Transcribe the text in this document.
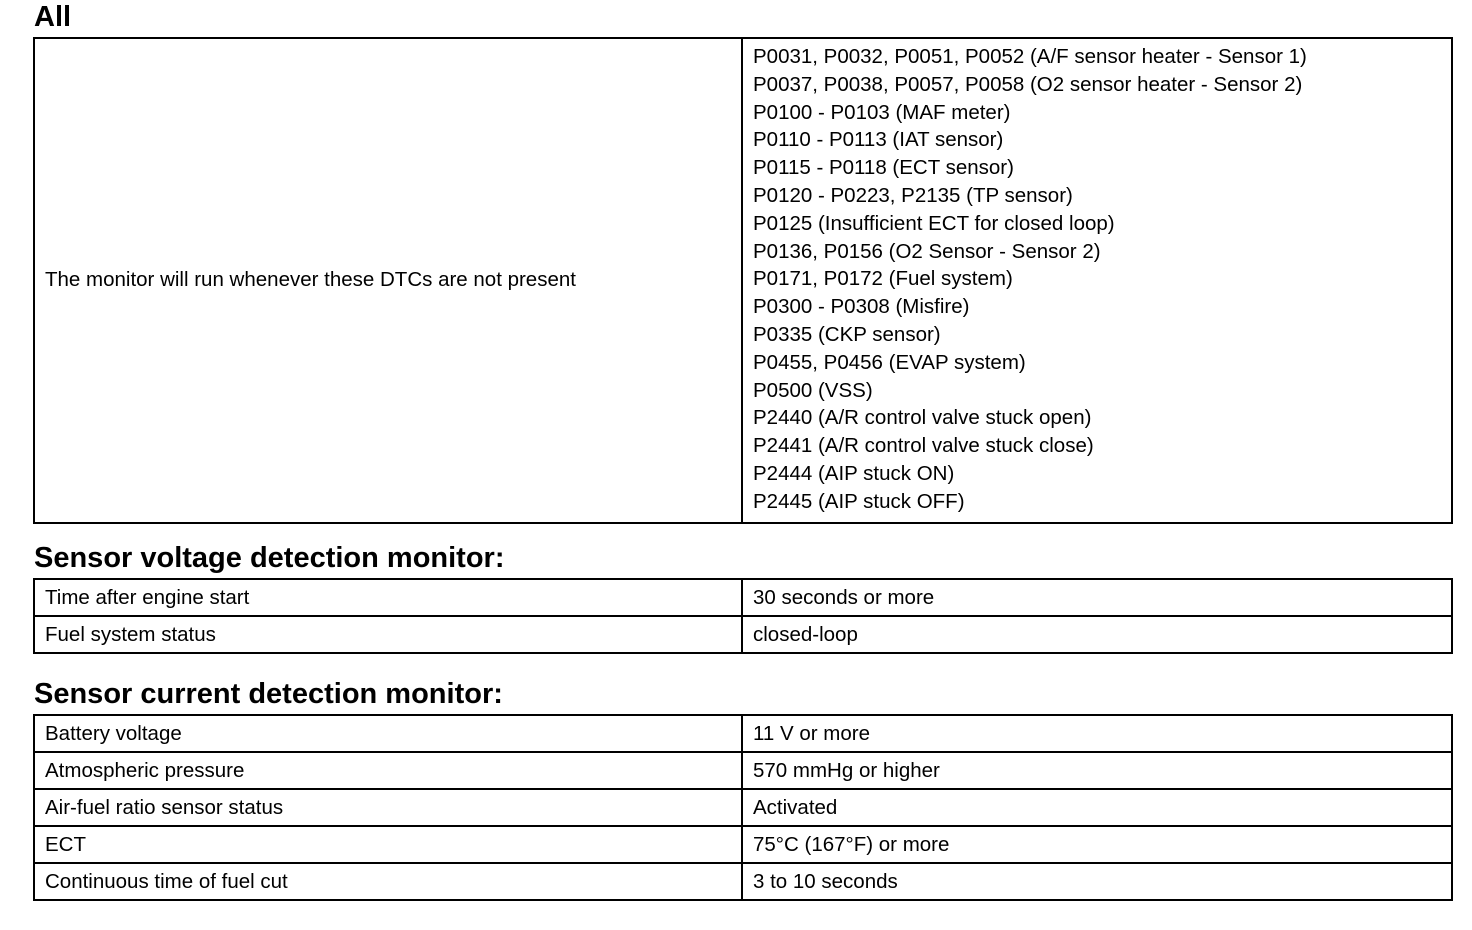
All
The monitor will run whenever these DTCs are not present	
P0031, P0032, P0051, P0052 (A/F sensor heater - Sensor 1)
P0037, P0038, P0057, P0058 (O2 sensor heater - Sensor 2)
P0100 - P0103 (MAF meter)
P0110 - P0113 (IAT sensor)
P0115 - P0118 (ECT sensor)
P0120 - P0223, P2135 (TP sensor)
P0125 (Insufficient ECT for closed loop)
P0136, P0156 (O2 Sensor - Sensor 2)
P0171, P0172 (Fuel system)
P0300 - P0308 (Misfire)
P0335 (CKP sensor)
P0455, P0456 (EVAP system)
P0500 (VSS)
P2440 (A/R control valve stuck open)
P2441 (A/R control valve stuck close)
P2444 (AIP stuck ON)
P2445 (AIP stuck OFF)
Sensor voltage detection monitor:
Time after engine start	30 seconds or more
Fuel system status	closed-loop
Sensor current detection monitor:
Battery voltage	11 V or more
Atmospheric pressure	570 mmHg or higher
Air-fuel ratio sensor status	Activated
ECT	75°C (167°F) or more
Continuous time of fuel cut	3 to 10 seconds
